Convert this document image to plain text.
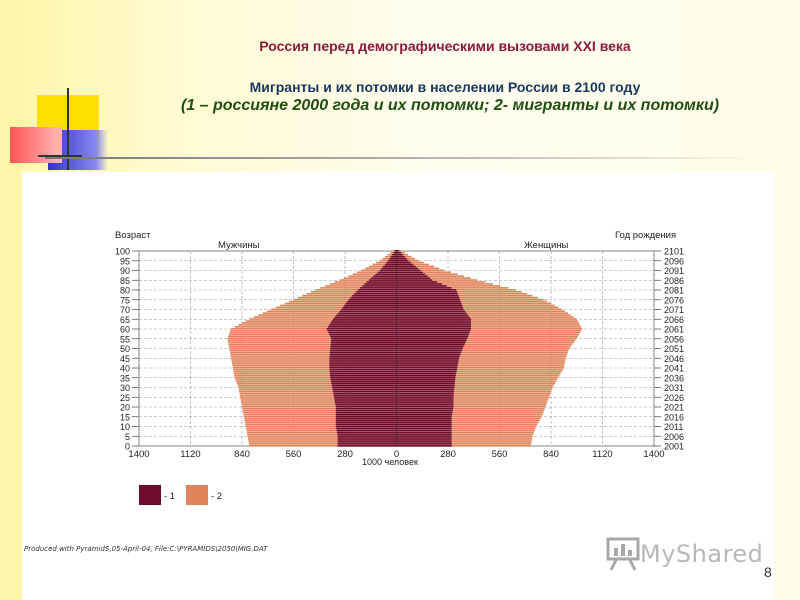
Россия перед демографическими вызовами XXI века
Мигранты и их потомки в населении России в 2100 году
(1 – россияне 2000 года и их потомки; 2- мигранты и их потомки)
Возраст	Год рождения
Мужчины	Женщины
100	2101
95	2096
90	2091
85	2086
80	2081
75	2076
70	2071
65	2066
60	2061
55	2056
50	2051
45	2046
40	2041
35	2036
30	2031
25	2026
20	2021
15	2016
10	2011
5	2006
0	2001
1400	1120	840	560	280	0	280	560	840	1120	1400
1000 человек
- 1	- 2
Produced with PyramidS,05-April-04, File:C:\PYRAMIDS\2050\MIG.DAT	MyShared
8
